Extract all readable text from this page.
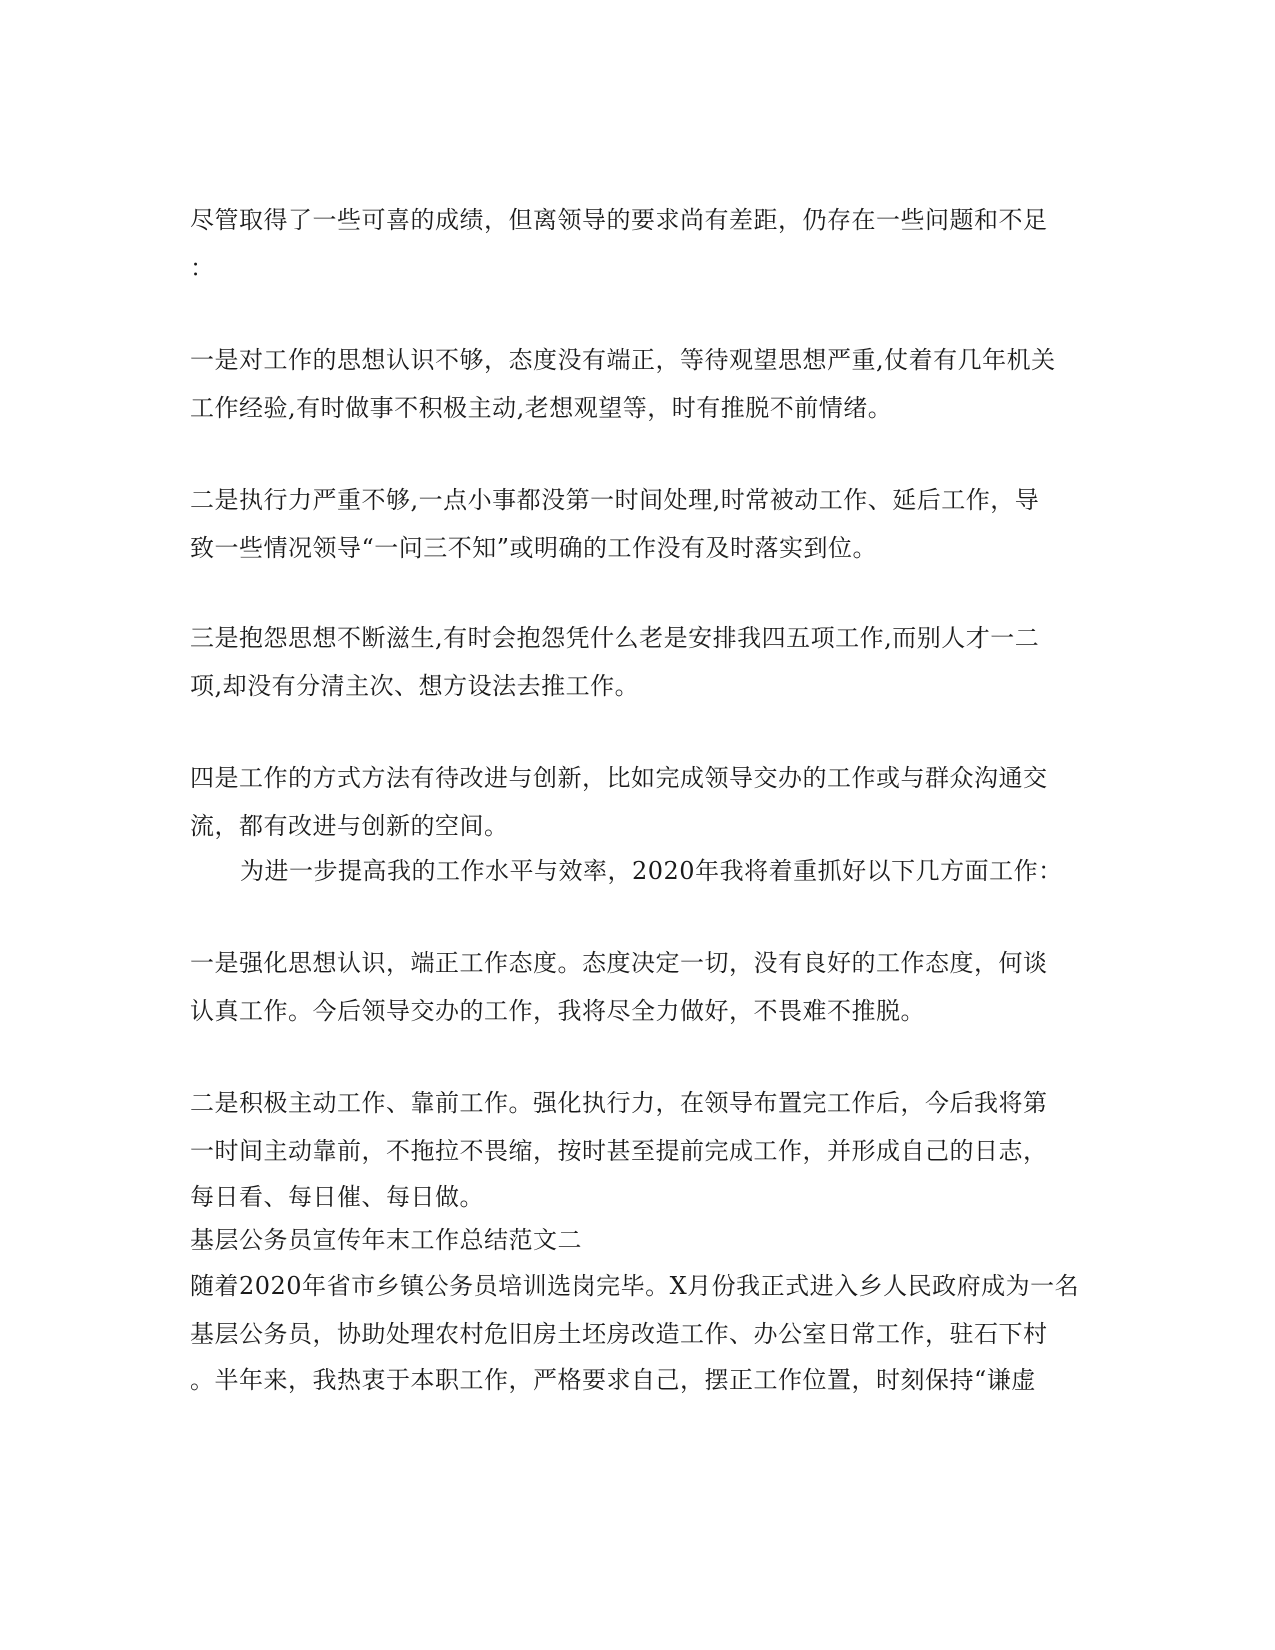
尽管取得了一些可喜的成绩，但离领导的要求尚有差距，仍存在一些问题和不足

：

一是对工作的思想认识不够，态度没有端正，等待观望思想严重,仗着有几年机关

工作经验,有时做事不积极主动,老想观望等，时有推脱不前情绪。

二是执行力严重不够,一点小事都没第一时间处理,时常被动工作、延后工作，导

致一些情况领导“一问三不知”或明确的工作没有及时落实到位。

三是抱怨思想不断滋生,有时会抱怨凭什么老是安排我四五项工作,而别人才一二

项,却没有分清主次、想方设法去推工作。

四是工作的方式方法有待改进与创新，比如完成领导交办的工作或与群众沟通交

流，都有改进与创新的空间。

为进一步提高我的工作水平与效率，2020年我将着重抓好以下几方面工作：

一是强化思想认识，端正工作态度。态度决定一切，没有良好的工作态度，何谈

认真工作。今后领导交办的工作，我将尽全力做好，不畏难不推脱。

二是积极主动工作、靠前工作。强化执行力，在领导布置完工作后，今后我将第

一时间主动靠前，不拖拉不畏缩，按时甚至提前完成工作，并形成自己的日志，

每日看、每日催、每日做。

基层公务员宣传年末工作总结范文二

随着2020年省市乡镇公务员培训选岗完毕。X月份我正式进入乡人民政府成为一名

基层公务员，协助处理农村危旧房土坯房改造工作、办公室日常工作，驻石下村

。半年来，我热衷于本职工作，严格要求自己，摆正工作位置，时刻保持“谦虚
